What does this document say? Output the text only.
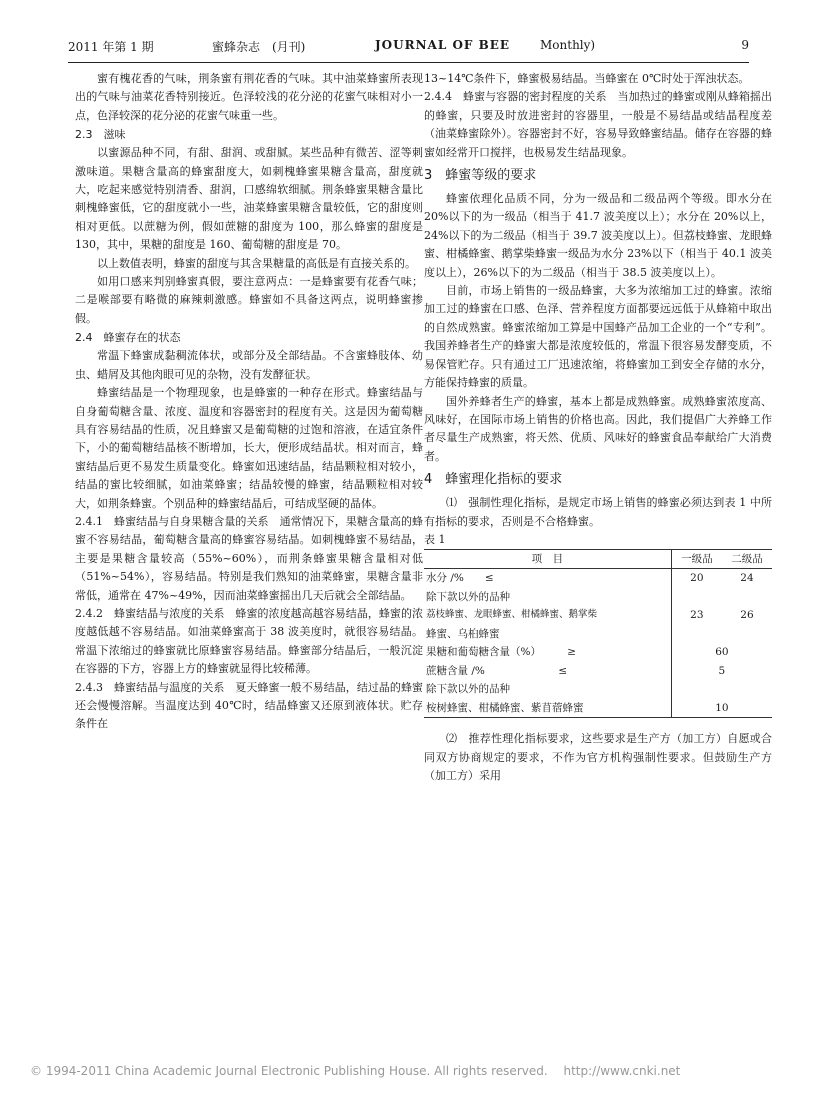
2011 年第 1 期	蜜蜂杂志　(月刊)	JOURNAL OF BEE Monthly)	9

蜜有槐花香的气味，荆条蜜有荆花香的气味。其中油菜蜂蜜所表现出的气味与油菜花香特别接近。色泽较浅的花分泌的花蜜气味相对小一点，色泽较深的花分泌的花蜜气味重一些。

2.3　滋味

以蜜源品种不同，有甜、甜润、或甜腻。某些品种有微苦、涩等刺激味道。果糖含量高的蜂蜜甜度大，如刺槐蜂蜜果糖含量高，甜度就大，吃起来感觉特别清香、甜润，口感绵软细腻。荆条蜂蜜果糖含量比刺槐蜂蜜低，它的甜度就小一些，油菜蜂蜜果糖含量较低，它的甜度则相对更低。以蔗糖为例，假如蔗糖的甜度为 100，那么蜂蜜的甜度是 130，其中，果糖的甜度是 160、葡萄糖的甜度是 70。

以上数值表明，蜂蜜的甜度与其含果糖量的高低是有直接关系的。

如用口感来判别蜂蜜真假，要注意两点：一是蜂蜜要有花香气味；二是喉部要有略微的麻辣刺激感。蜂蜜如不具备这两点，说明蜂蜜掺假。

2.4　蜂蜜存在的状态

常温下蜂蜜成黏稠流体状，或部分及全部结晶。不含蜜蜂肢体、幼虫、蜡屑及其他肉眼可见的杂物，没有发酵征状。

蜂蜜结晶是一个物理现象，也是蜂蜜的一种存在形式。蜂蜜结晶与自身葡萄糖含量、浓度、温度和容器密封的程度有关。这是因为葡萄糖具有容易结晶的性质，况且蜂蜜又是葡萄糖的过饱和溶液，在适宜条件下，小的葡萄糖结晶核不断增加，长大，便形成结晶状。相对而言，蜂蜜结晶后更不易发生质量变化。蜂蜜如迅速结晶，结晶颗粒相对较小，结晶的蜜比较细腻，如油菜蜂蜜；结晶较慢的蜂蜜，结晶颗粒相对较大，如荆条蜂蜜。个别品种的蜂蜜结晶后，可结成坚硬的晶体。

2.4.1　蜂蜜结晶与自身果糖含量的关系　通常情况下，果糖含量高的蜂蜜不容易结晶，葡萄糖含量高的蜂蜜容易结晶。如刺槐蜂蜜不易结晶，主要是果糖含量较高（55%~60%），而荆条蜂蜜果糖含量相对低（51%~54%），容易结晶。特别是我们熟知的油菜蜂蜜，果糖含量非常低，通常在 47%~49%，因而油菜蜂蜜摇出几天后就会全部结晶。

2.4.2　蜂蜜结晶与浓度的关系　蜂蜜的浓度越高越容易结晶，蜂蜜的浓度越低越不容易结晶。如油菜蜂蜜高于 38 波美度时，就很容易结晶。常温下浓缩过的蜂蜜就比原蜂蜜容易结晶。蜂蜜部分结晶后，一般沉淀在容器的下方，容器上方的蜂蜜就显得比较稀薄。

2.4.3　蜂蜜结晶与温度的关系　夏天蜂蜜一般不易结晶，结过晶的蜂蜜还会慢慢溶解。当温度达到 40℃时，结晶蜂蜜又还原到液体状。贮存条件在

13~14℃条件下，蜂蜜极易结晶。当蜂蜜在 0℃时处于浑浊状态。

2.4.4　蜂蜜与容器的密封程度的关系　当加热过的蜂蜜或刚从蜂箱摇出的蜂蜜，只要及时放进密封的容器里，一般是不易结晶或结晶程度差（油菜蜂蜜除外）。容器密封不好，容易导致蜂蜜结晶。储存在容器的蜂蜜如经常开口搅拌，也极易发生结晶现象。

3　蜂蜜等级的要求

蜂蜜依理化品质不同，分为一级品和二级品两个等级。即水分在 20%以下的为一级品（相当于 41.7 波美度以上）；水分在 20%以上，24%以下的为二级品（相当于 39.7 波美度以上）。但荔枝蜂蜜、龙眼蜂蜜、柑橘蜂蜜、鹅掌柴蜂蜜一级品为水分 23%以下（相当于 40.1 波美度以上），26%以下的为二级品（相当于 38.5 波美度以上）。

目前，市场上销售的一级品蜂蜜，大多为浓缩加工过的蜂蜜。浓缩加工过的蜂蜜在口感、色泽、营养程度方面都要远远低于从蜂箱中取出的自然成熟蜜。蜂蜜浓缩加工算是中国蜂产品加工企业的一个“专利”。我国养蜂者生产的蜂蜜大都是浓度较低的，常温下很容易发酵变质，不易保管贮存。只有通过工厂迅速浓缩，将蜂蜜加工到安全存储的水分，方能保持蜂蜜的质量。

国外养蜂者生产的蜂蜜，基本上都是成熟蜂蜜。成熟蜂蜜浓度高、风味好，在国际市场上销售的价格也高。因此，我们提倡广大养蜂工作者尽量生产成熟蜜，将天然、优质、风味好的蜂蜜食品奉献给广大消费者。

4　蜂蜜理化指标的要求

⑴　强制性理化指标，是规定市场上销售的蜂蜜必须达到表 1 中所有指标的要求，否则是不合格蜂蜜。

表 1
项　目	一级品	二级品
水分 /%　　≤	20	24
除下款以外的品种		
荔枝蜂蜜、龙眼蜂蜜、柑橘蜂蜜、鹅掌柴	23	26
蜂蜜、乌桕蜂蜜		
果糖和葡萄糖含量（%）　　　≥	60	
蔗糖含量 /%　　　　　　　≤	5	
除下款以外的品种		
桉树蜂蜜、柑橘蜂蜜、紫苜蓿蜂蜜	10	

⑵　推荐性理化指标要求，这些要求是生产方（加工方）自愿或合同双方协商规定的要求，不作为官方机构强制性要求。但鼓励生产方（加工方）采用

© 1994-2011 China Academic Journal Electronic Publishing House. All rights reserved.　 http://www.cnki.net
